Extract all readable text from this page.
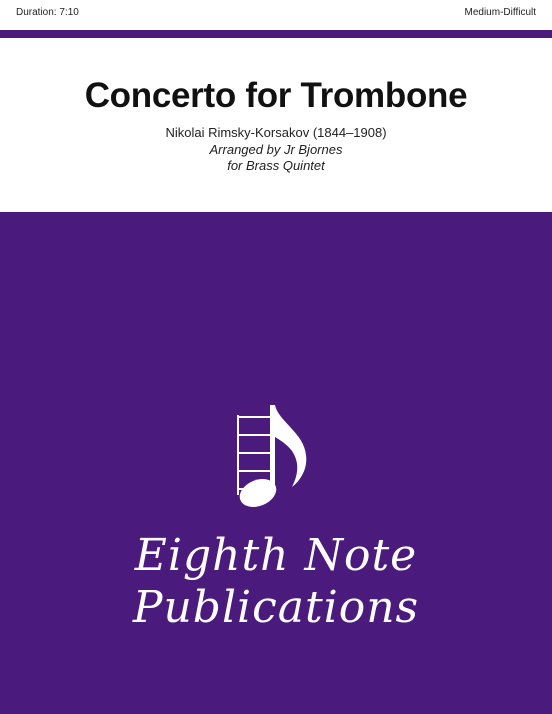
Duration: 7:10	Medium-Difficult
Concerto for Trombone
Nikolai Rimsky-Korsakov (1844–1908)
Arranged by Jr Bjornes
for Brass Quintet
Eighth Note
Publications
